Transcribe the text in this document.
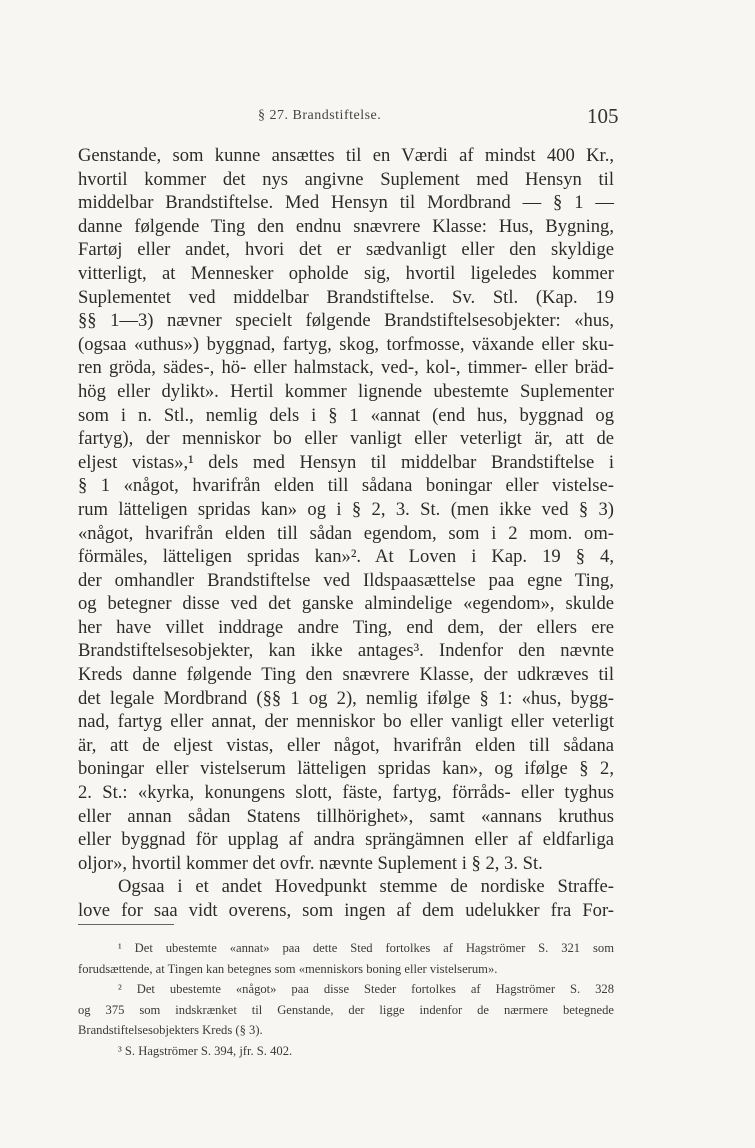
§ 27. Brandstiftelse.	105
Genstande, som kunne ansættes til en Værdi af mindst 400 Kr.,
hvortil kommer det nys angivne Suplement med Hensyn til
middelbar Brandstiftelse. Med Hensyn til Mordbrand — § 1 —
danne følgende Ting den endnu snævrere Klasse: Hus, Bygning,
Fartøj eller andet, hvori det er sædvanligt eller den skyldige
vitterligt, at Mennesker opholde sig, hvortil ligeledes kommer
Suplementet ved middelbar Brandstiftelse. Sv. Stl. (Kap. 19
§§ 1—3) nævner specielt følgende Brandstiftelsesobjekter: «hus,
(ogsaa «uthus») byggnad, fartyg, skog, torfmosse, växande eller sku-
ren gröda, sädes-, hö- eller halmstack, ved-, kol-, timmer- eller bräd-
hög eller dylikt». Hertil kommer lignende ubestemte Suplementer
som i n. Stl., nemlig dels i § 1 «annat (end hus, byggnad og
fartyg), der menniskor bo eller vanligt eller veterligt är, att de
eljest vistas»,¹ dels med Hensyn til middelbar Brandstiftelse i
§ 1 «något, hvarifrån elden till sådana boningar eller vistelse-
rum lätteligen spridas kan» og i § 2, 3. St. (men ikke ved § 3)
«något, hvarifrån elden till sådan egendom, som i 2 mom. om-
förmäles, lätteligen spridas kan»². At Loven i Kap. 19 § 4,
der omhandler Brandstiftelse ved Ildspaasættelse paa egne Ting,
og betegner disse ved det ganske almindelige «egendom», skulde
her have villet inddrage andre Ting, end dem, der ellers ere
Brandstiftelsesobjekter, kan ikke antages³. Indenfor den nævnte
Kreds danne følgende Ting den snævrere Klasse, der udkræves til
det legale Mordbrand (§§ 1 og 2), nemlig ifølge § 1: «hus, bygg-
nad, fartyg eller annat, der menniskor bo eller vanligt eller veterligt
är, att de eljest vistas, eller något, hvarifrån elden till sådana
boningar eller vistelserum lätteligen spridas kan», og ifølge § 2,
2. St.: «kyrka, konungens slott, fäste, fartyg, förråds- eller tyghus
eller annan sådan Statens tillhörighet», samt «annans kruthus
eller byggnad för upplag af andra sprängämnen eller af eldfarliga
oljor», hvortil kommer det ovfr. nævnte Suplement i § 2, 3. St.
Ogsaa i et andet Hovedpunkt stemme de nordiske Straffe-
love for saa vidt overens, som ingen af dem udelukker fra For-
¹ Det ubestemte «annat» paa dette Sted fortolkes af Hagströmer S. 321 som
forudsættende, at Tingen kan betegnes som «menniskors boning eller vistelserum».
² Det ubestemte «något» paa disse Steder fortolkes af Hagströmer S. 328
og 375 som indskrænket til Genstande, der ligge indenfor de nærmere betegnede
Brandstiftelsesobjekters Kreds (§ 3).
³ S. Hagströmer S. 394, jfr. S. 402.
